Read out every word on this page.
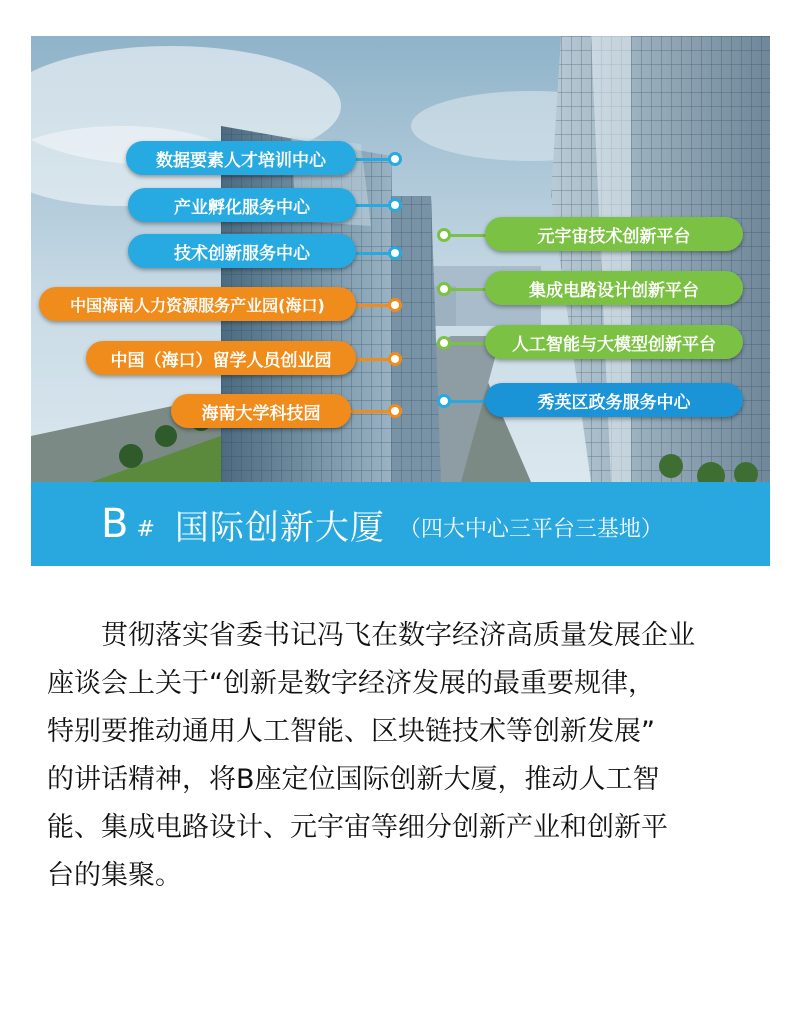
数据要素人才培训中心
产业孵化服务中心
技术创新服务中心
中国海南人力资源服务产业园(海口)
中国（海口）留学人员创业园
海南大学科技园
元宇宙技术创新平台
集成电路设计创新平台
人工智能与大模型创新平台
秀英区政务服务中心
B # 国际创新大厦 （四大中心三平台三基地）
　　贯彻落实省委书记冯飞在数字经济高质量发展企业
座谈会上关于“创新是数字经济发展的最重要规律，
特别要推动通用人工智能、区块链技术等创新发展”
的讲话精神，将B座定位国际创新大厦，推动人工智
能、集成电路设计、元宇宙等细分创新产业和创新平
台的集聚。
